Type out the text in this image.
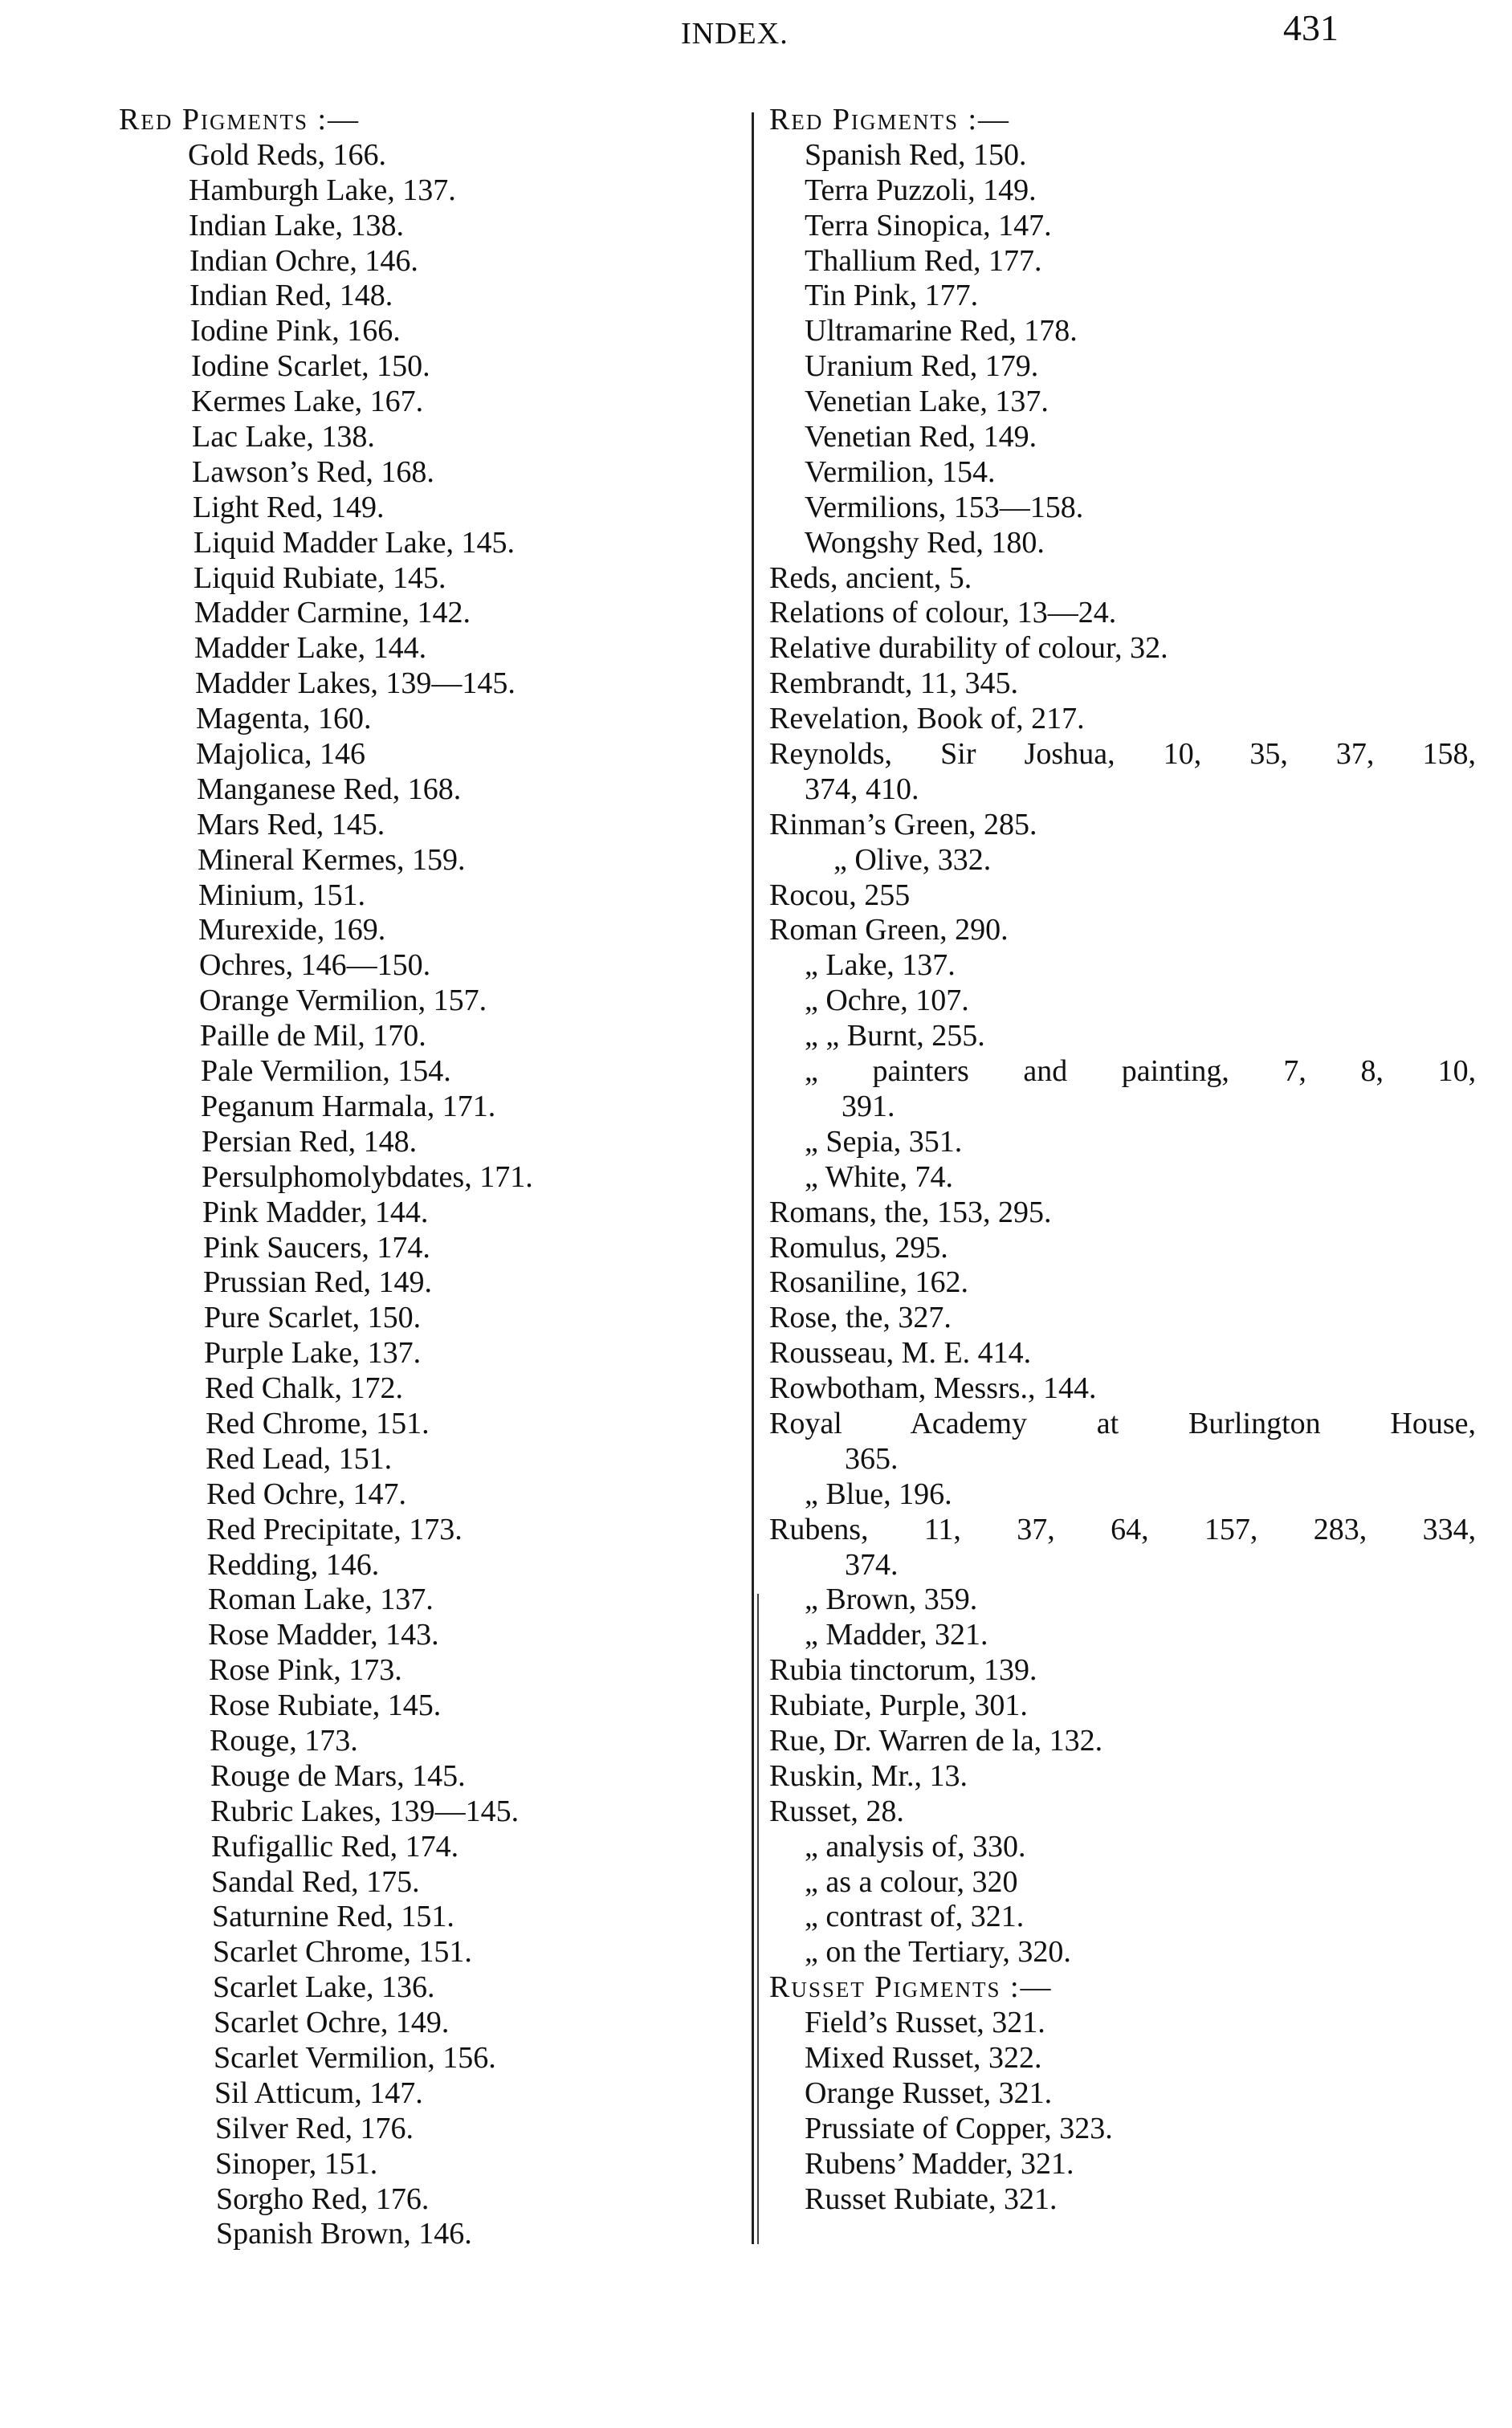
INDEX.	431
Red Pigments :—
Gold Reds, 166.
Hamburgh Lake, 137.
Indian Lake, 138.
Indian Ochre, 146.
Indian Red, 148.
Iodine Pink, 166.
Iodine Scarlet, 150.
Kermes Lake, 167.
Lac Lake, 138.
Lawson’s Red, 168.
Light Red, 149.
Liquid Madder Lake, 145.
Liquid Rubiate, 145.
Madder Carmine, 142.
Madder Lake, 144.
Madder Lakes, 139—145.
Magenta, 160.
Majolica, 146
Manganese Red, 168.
Mars Red, 145.
Mineral Kermes, 159.
Minium, 151.
Murexide, 169.
Ochres, 146—150.
Orange Vermilion, 157.
Paille de Mil, 170.
Pale Vermilion, 154.
Peganum Harmala, 171.
Persian Red, 148.
Persulphomolybdates, 171.
Pink Madder, 144.
Pink Saucers, 174.
Prussian Red, 149.
Pure Scarlet, 150.
Purple Lake, 137.
Red Chalk, 172.
Red Chrome, 151.
Red Lead, 151.
Red Ochre, 147.
Red Precipitate, 173.
Redding, 146.
Roman Lake, 137.
Rose Madder, 143.
Rose Pink, 173.
Rose Rubiate, 145.
Rouge, 173.
Rouge de Mars, 145.
Rubric Lakes, 139—145.
Rufigallic Red, 174.
Sandal Red, 175.
Saturnine Red, 151.
Scarlet Chrome, 151.
Scarlet Lake, 136.
Scarlet Ochre, 149.
Scarlet Vermilion, 156.
Sil Atticum, 147.
Silver Red, 176.
Sinoper, 151.
Sorgho Red, 176.
Spanish Brown, 146.
Red Pigments :—
Spanish Red, 150.
Terra Puzzoli, 149.
Terra Sinopica, 147.
Thallium Red, 177.
Tin Pink, 177.
Ultramarine Red, 178.
Uranium Red, 179.
Venetian Lake, 137.
Venetian Red, 149.
Vermilion, 154.
Vermilions, 153—158.
Wongshy Red, 180.
Reds, ancient, 5.
Relations of colour, 13—24.
Relative durability of colour, 32.
Rembrandt, 11, 345.
Revelation, Book of, 217.
Reynolds, Sir Joshua, 10, 35, 37, 158,
374, 410.
Rinman’s Green, 285.
„ Olive, 332.
Rocou, 255
Roman Green, 290.
„ Lake, 137.
„ Ochre, 107.
„ „ Burnt, 255.
„ painters and painting, 7, 8, 10,
391.
„ Sepia, 351.
„ White, 74.
Romans, the, 153, 295.
Romulus, 295.
Rosaniline, 162.
Rose, the, 327.
Rousseau, M. E. 414.
Rowbotham, Messrs., 144.
Royal Academy at Burlington House,
365.
„ Blue, 196.
Rubens, 11, 37, 64, 157, 283, 334,
374.
„ Brown, 359.
„ Madder, 321.
Rubia tinctorum, 139.
Rubiate, Purple, 301.
Rue, Dr. Warren de la, 132.
Ruskin, Mr., 13.
Russet, 28.
„ analysis of, 330.
„ as a colour, 320
„ contrast of, 321.
„ on the Tertiary, 320.
Russet Pigments :—
Field’s Russet, 321.
Mixed Russet, 322.
Orange Russet, 321.
Prussiate of Copper, 323.
Rubens’ Madder, 321.
Russet Rubiate, 321.
